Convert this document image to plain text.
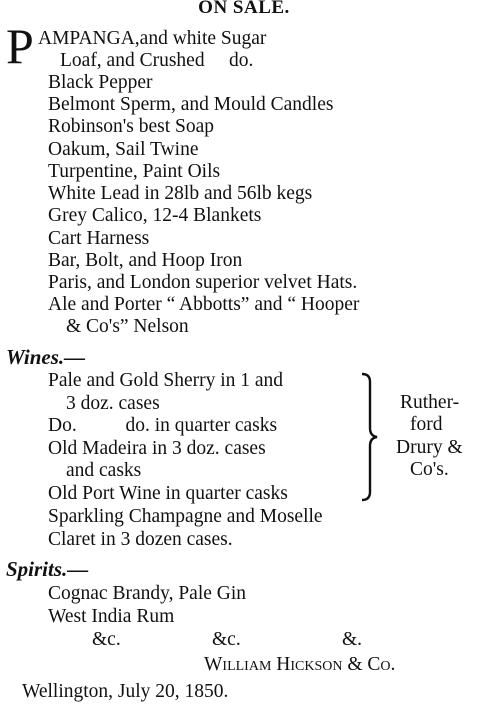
ON SALE.
P AMPANGA,and white Sugar
Loaf, and Crushed     do.
Black Pepper
Belmont Sperm, and Mould Candles
Robinson's best Soap
Oakum, Sail Twine
Turpentine, Paint Oils
White Lead in 28lb and 56lb kegs
Grey Calico, 12-4 Blankets
Cart Harness
Bar, Bolt, and Hoop Iron
Paris, and London superior velvet Hats.
Ale and Porter “ Abbotts” and “ Hooper
& Co's” Nelson
Wines.—
Pale and Gold Sherry in 1 and
3 doz. cases
Do.          do. in quarter casks
Old Madeira in 3 doz. cases
and casks
Old Port Wine in quarter casks
Ruther-
ford
Drury &
Co's.
Sparkling Champagne and Moselle
Claret in 3 dozen cases.
Spirits.—
Cognac Brandy, Pale Gin
West India Rum
&c.	&c.	&.
William Hickson & Co.
Wellington, July 20, 1850.
